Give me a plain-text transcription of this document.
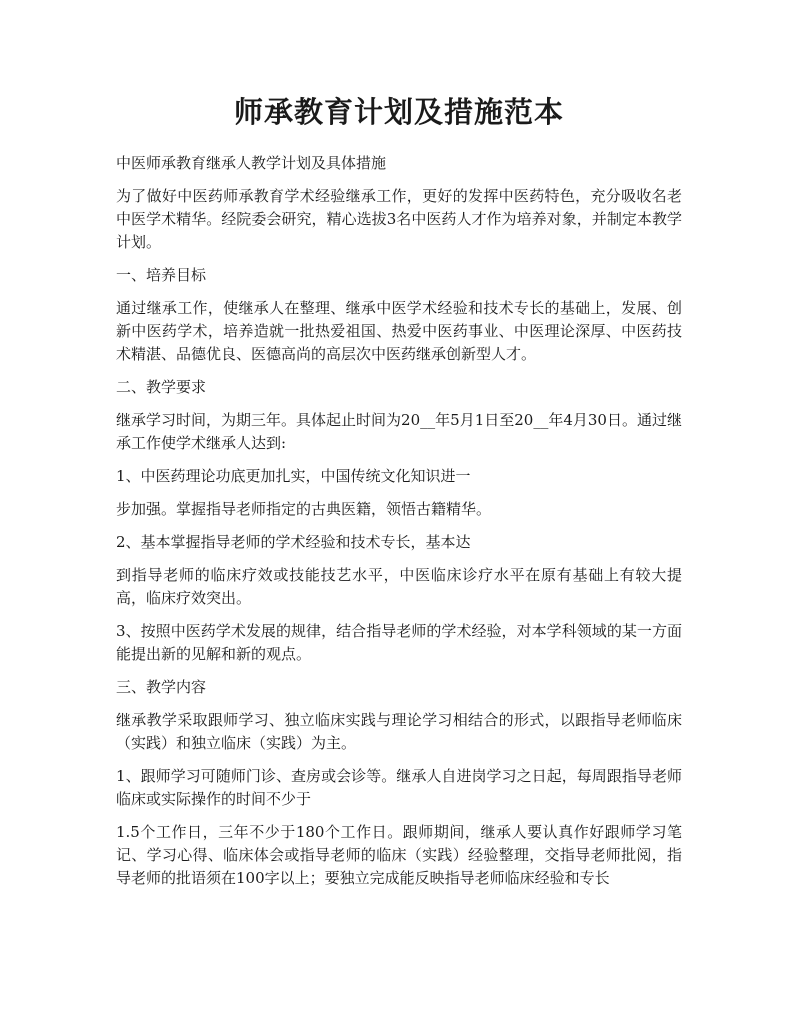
师承教育计划及措施范本

中医师承教育继承人教学计划及具体措施

为了做好中医药师承教育学术经验继承工作，更好的发挥中医药特色，充分吸收名老中医学术精华。经院委会研究，精心选拔3名中医药人才作为培养对象，并制定本教学计划。

一、培养目标

通过继承工作，使继承人在整理、继承中医学术经验和技术专长的基础上，发展、创新中医药学术，培养造就一批热爱祖国、热爱中医药事业、中医理论深厚、中医药技术精湛、品德优良、医德高尚的高层次中医药继承创新型人才。

二、教学要求

继承学习时间，为期三年。具体起止时间为20__年5月1日至20__年4月30日。通过继承工作使学术继承人达到:

1、中医药理论功底更加扎实，中国传统文化知识进一

步加强。掌握指导老师指定的古典医籍，领悟古籍精华。

2、基本掌握指导老师的学术经验和技术专长，基本达

到指导老师的临床疗效或技能技艺水平，中医临床诊疗水平在原有基础上有较大提高，临床疗效突出。

3、按照中医药学术发展的规律，结合指导老师的学术经验，对本学科领域的某一方面能提出新的见解和新的观点。

三、教学内容

继承教学采取跟师学习、独立临床实践与理论学习相结合的形式，以跟指导老师临床（实践）和独立临床（实践）为主。

1、跟师学习可随师门诊、查房或会诊等。继承人自进岗学习之日起，每周跟指导老师临床或实际操作的时间不少于

1.5个工作日，三年不少于180个工作日。跟师期间，继承人要认真作好跟师学习笔记、学习心得、临床体会或指导老师的临床（实践）经验整理，交指导老师批阅，指导老师的批语须在100字以上；要独立完成能反映指导老师临床经验和专长
